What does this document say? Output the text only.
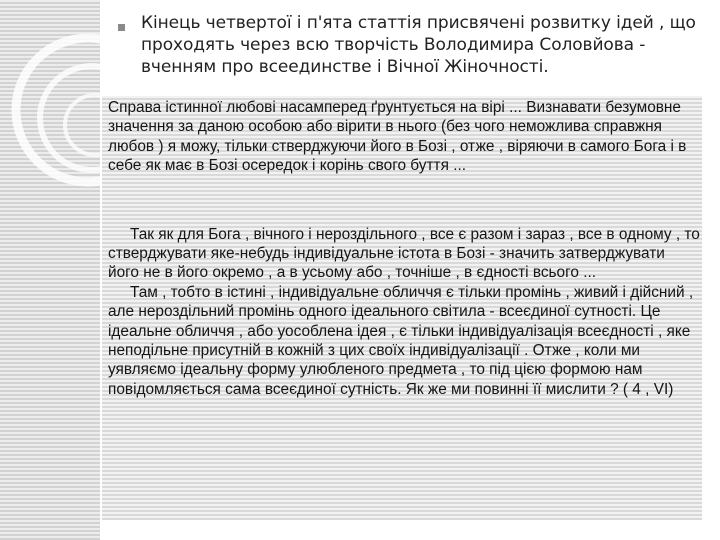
Кінець четвертої і п'ята статтія присвячені розвитку ідей , що проходять через всю творчість Володимира Соловйова - вченням про всеединстве і Вічної Жіночності.

Справа істинної любові насамперед ґрунтується на вірі ... Визнавати безумовне значення за даною особою або вірити в нього (без чого неможлива справжня любов ) я можу, тільки стверджуючи його в Бозі , отже , віряючи в самого Бога і в себе як має в Бозі осередок і корінь свого буття ...

Так як для Бога , вічного і нероздільного , все є разом і зараз , все в одному , то стверджувати яке-небудь індивідуальне істота в Бозі - значить затверджувати його не в його окремо , а в усьому або , точніше , в єдності всього ...

Там , тобто в істині , індивідуальне обличчя є тільки промінь , живий і дійсний , але нероздільний промінь одного ідеального світила - всеєдиної сутності. Це ідеальне обличчя , або уособлена ідея , є тільки індивідуалізація всеєдності , яке неподільне присутній в кожній з цих своїх індивідуалізації . Отже , коли ми уявляємо ідеальну форму улюбленого предмета , то під цією формою нам повідомляється сама всеєдиної сутність. Як же ми повинні її мислити ? ( 4 , VI)
